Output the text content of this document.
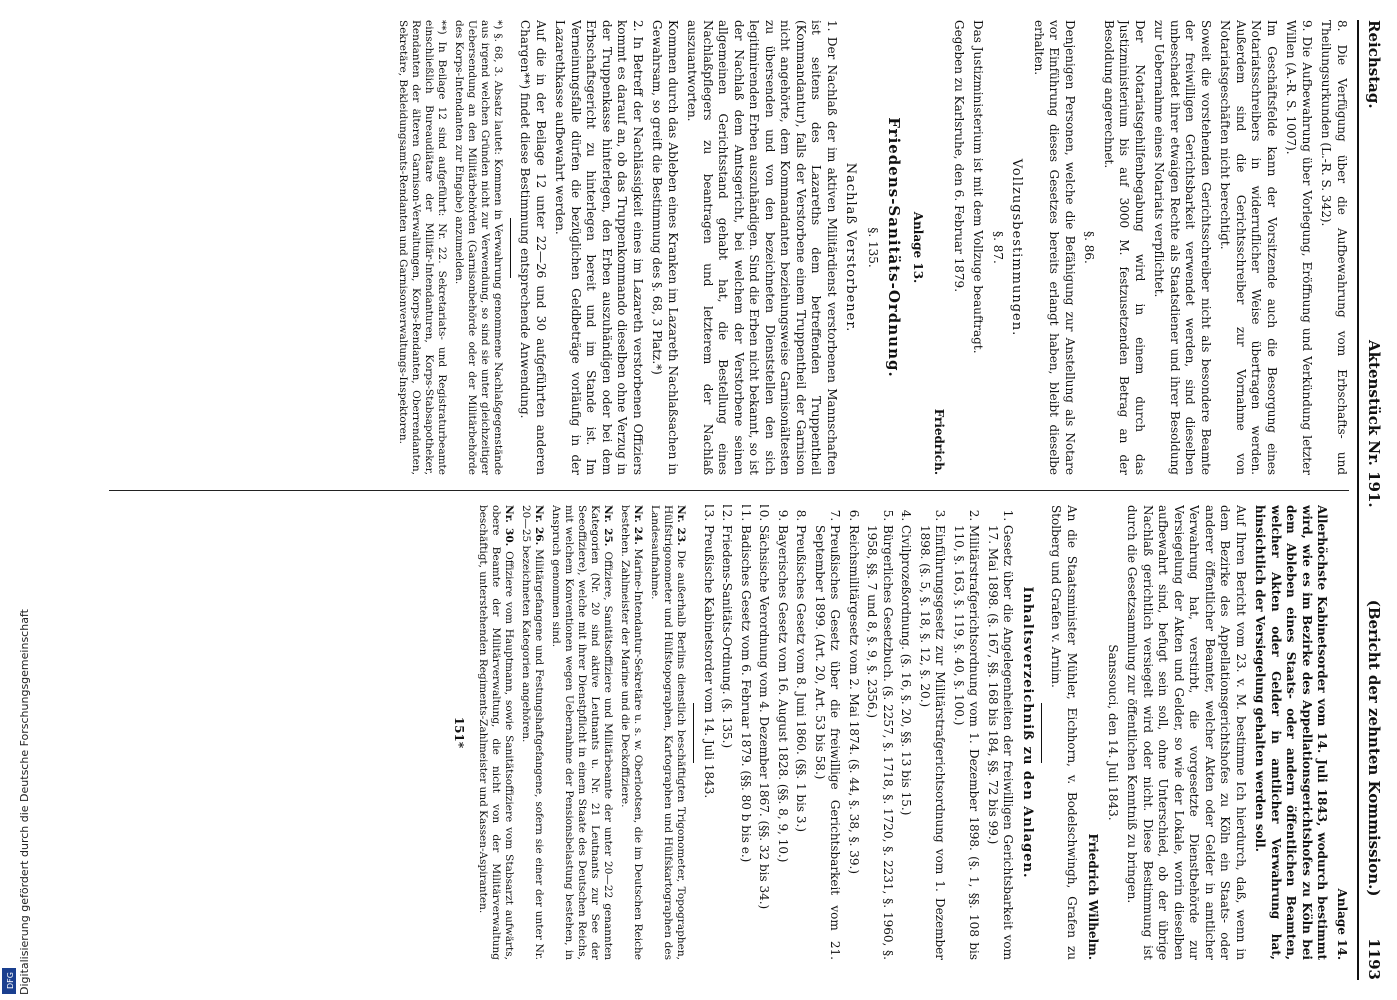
Reichstag.
Aktenstück Nr. 191.
(Bericht der zehnten Kommission.)        1193

8. Die Verfügung über die Aufbewahrung vom Erbschafts- und Theilungsurkunden (L.-R. S. 342).

9. Die Aufbewahrung über Vorlegung, Eröffnung und Verkündung letzter Willen (A.-R. S. 1007).

Im Geschäftsfelde kann der Vorsitzende auch die Besorgung eines Notariatsschreibers in widerruflicher Weise übertragen werden. Außerdem sind die Gerichtsschreiber zur Vornahme von Notariatsgeschäften nicht berechtigt.

Soweit die vorstehenden Gerichtsschreiber nicht als besondere Beamte der freiwilligen Gerichtsbarkeit verwendet werden, sind dieselben unbeschadet ihrer etwaigen Rechte als Staatsdiener und ihrer Besoldung zur Uebernahme eines Notariats verpflichtet.

Der Notariatsgehilfenbegabung wird in einem durch das Justizministerium bis auf 3000 M. festzusetzenden Betrag an der Besoldung angerechnet.

§. 86.

Denjenigen Personen, welche die Befähigung zur Anstellung als Notare vor Einführung dieses Gesetzes bereits erlangt haben, bleibt dieselbe erhalten.

Vollzugsbestimmungen.

§. 87.

Das Justizministerium ist mit dem Vollzuge beauftragt.

Gegeben zu Karlsruhe, den 6. Februar 1879.

Friedrich.

Anlage 13.

Friedens-Sanitäts-Ordnung.

§. 135.

Nachlaß Verstorbener.

1. Der Nachlaß der im aktiven Militärdienst verstorbenen Mannschaften ist seitens des Lazareths dem betreffenden Truppentheil (Kommandantur), falls der Verstorbene einem Truppentheil der Garnison nicht angehörte, dem Kommandanten beziehungsweise Garnisonältesten zu übersenden und von den bezeichneten Dienststellen den sich legitimirenden Erben auszuhändigen. Sind die Erben nicht bekannt, so ist der Nachlaß dem Amtsgericht, bei welchem der Verstorbene seinen allgemeinen Gerichtsstand gehabt hat, die Bestellung eines Nachlaßpflegers zu beantragen und letzterem der Nachlaß auszuantworten.

Kommen durch das Ableben eines Kranken im Lazareth Nachlaßsachen in Gewahrsam, so greift die Bestimmung des §. 68, 3 Platz.*)

2. In Betreff der Nachlässigkeit eines im Lazareth verstorbenen Offiziers kommt es darauf an, ob das Truppenkommando dieselben ohne Verzug in der Truppenkasse hinterlegen, den Erben auszuhändigen oder bei dem Erbschaftsgericht zu hinterlegen bereit und im Stande ist. Im Verneinungsfalle dürfen die bezüglichen Geldbeträge vorläufig in der Lazarethkasse aufbewahrt werden.

Auf die in der Beilage 12 unter 22—26 und 30 aufgeführten anderen Chargen**) findet diese Bestimmung entsprechende Anwendung.

*) §. 68, 3. Absatz lautet: Kommen in Verwahrung genommene Nachlaßgegenstände aus irgend welchen Gründen nicht zur Verwendung, so sind sie unter gleichzeitiger Uebersendung an den Militärbehörden (Garnisonbehörde oder der Militärbehörde des Korps-Intendanten zur Eingabe) anzumelden.

**) In Beilage 12 sind aufgeführt: Nr. 22. Sekretariats- und Registraturbeamte einschließlich Bureaudiätare der Militär-Intendanturen, Korps-Stabsapotheker, Rendanten der älteren Garnison-Verwaltungen, Korps-Rendanten, Oberrendanten, Sekretäre, Bekleidungsamts-Rendanten und Garnisonverwaltungs-Inspektoren.

Anlage 14.

Allerhöchste Kabinetsorder vom 14. Juli 1843, wodurch bestimmt wird, wie es im Bezirke des Appellationsgerichtshofes zu Köln bei dem Ableben eines Staats- oder andern öffentlichen Beamten, welcher Akten oder Gelder in amtlicher Verwahrung hat, hinsichtlich der Versiegelung gehalten werden soll.

Auf Ihren Bericht vom 23. v. M. bestimme Ich hierdurch, daß, wenn in dem Bezirke des Appellationsgerichtshofes zu Köln ein Staats- oder anderer öffentlicher Beamter, welcher Akten oder Gelder in amtlicher Verwahrung hat, verstirbt, die vorgesetzte Dienstbehörde zur Versiegelung der Akten und Gelder, so wie der Lokale, worin dieselben aufbewahrt sind, befugt sein soll, ohne Unterschied, ob der übrige Nachlaß gerichtlich versiegelt wird oder nicht. Diese Bestimmung ist durch die Gesetzsammlung zur öffentlichen Kenntniß zu bringen.

Sanssouci, den 14. Juli 1843.

Friedrich Wilhelm.

An die Staatsminister Mühler, Eichhorn, v. Bodelschwingh, Grafen zu Stolberg und Grafen v. Arnim.

Inhaltsverzeichniß zu den Anlagen.

1. Gesetz über die Angelegenheiten der freiwilligen Gerichtsbarkeit vom 17. Mai 1898. (§. 167, §§. 168 bis 184, §§. 72 bis 99.)
2. Militärstrafgerichtsordnung vom 1. Dezember 1898. (§. 1, §§. 108 bis 110, §. 163, §. 119, §. 40, §. 100.)
3. Einführungsgesetz zur Militärstrafgerichtsordnung vom 1. Dezember 1898. (§. 5, §. 18, §. 12, §. 20.)
4. Civilprozeßordnung. (§. 16, §. 20, §§. 13 bis 15.)
5. Bürgerliches Gesetzbuch. (§. 2257, §. 1718, §. 1720, §. 2231, §. 1960, §. 1958, §§. 7 und 8, §. 9, §. 2356.)
6. Reichsmilitärgesetz vom 2. Mai 1874. (§. 44, §. 38, §. 39.)
7. Preußisches Gesetz über die freiwillige Gerichtsbarkeit vom 21. September 1899. (Art. 20, Art. 53 bis 58.)
8. Preußisches Gesetz vom 8. Juni 1860. (§§. 1 bis 3.)
9. Bayerisches Gesetz vom 16. August 1828. (§§. 8, 9, 10.)
10. Sächsische Verordnung vom 4. Dezember 1867. (§§. 32 bis 34.)
11. Badisches Gesetz vom 6. Februar 1879. (§§. 80 b bis e.)
12. Friedens-Sanitäts-Ordnung. (§. 135.)
13. Preußische Kabinetsorder vom 14. Juli 1843.
Nr. 23. Die außerhalb Berlins dienstlich beschäftigten Trigonometer, Topographen, Hülfstrigonometer und Hülfstopographen, Kartographen und Hülfskartographen des Landesaufnahme.
Nr. 24. Marine-Intendantur-Sekretäre u. s. w. Oberlootsen, die im Deutschen Reiche bestehen. Zahlmeister der Marine und die Deckoffiziere.
Nr. 25. Offiziere, Sanitätsoffiziere und Militärbeamte der unter 20—22 genannten Kategorien (Nr. 20 sind aktive Leutnants u. Nr. 21 Leutnants zur See der Seeoffiziere), welche mit ihrer Dienstpflicht in einem Staate des Deutschen Reichs, mit welchem Konventionen wegen Uebernahme der Pensionsbelastung bestehen, in Anspruch genommen sind.
Nr. 26. Militärgefangene und Festungshaftgefangene, sofern sie einer der unter Nr. 20—25 bezeichneten Kategorien angehören.
Nr. 30. Offiziere vom Hauptmann, sowie Sanitätsoffiziere vom Stabsarzt aufwärts, obere Beamte der Militärverwaltung, die nicht von der Militärverwaltung beschäftigt, unterstehenden Regiments-Zahlmeister und Kassen-Aspiranten.

151*

Digitalisierung gefördert durch die Deutsche Forschungsgemeinschaft
DFG
